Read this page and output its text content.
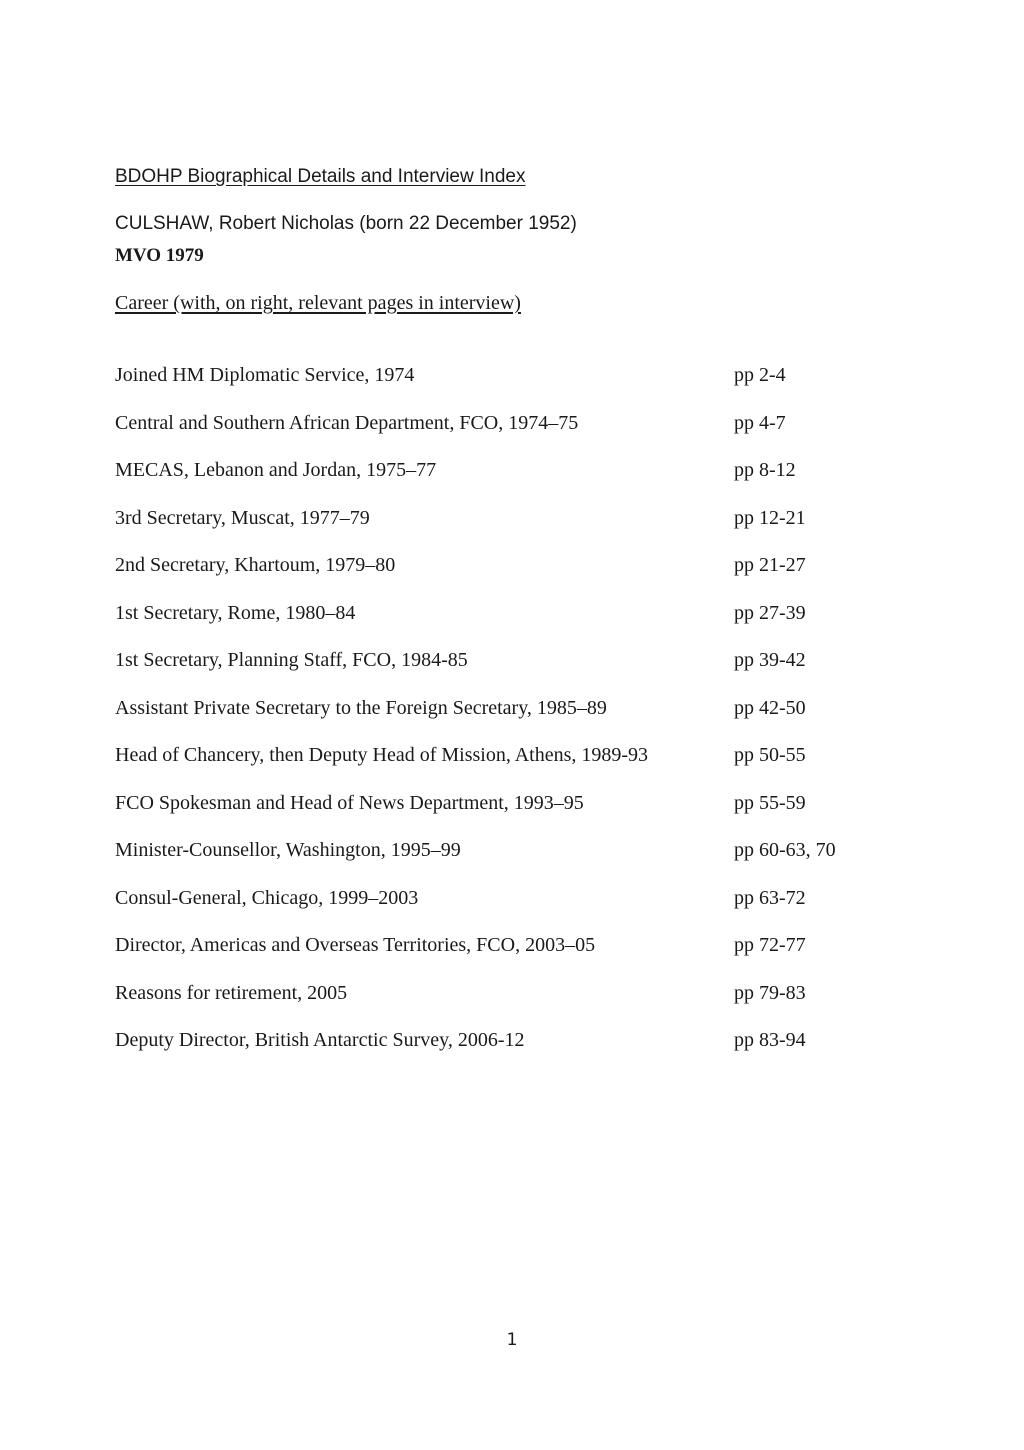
BDOHP Biographical Details and Interview Index
CULSHAW, Robert Nicholas (born 22 December 1952)
MVO 1979
Career (with, on right, relevant pages in interview)
Joined HM Diplomatic Service, 1974	pp 2-4
Central and Southern African Department, FCO, 1974–75	pp 4-7
MECAS, Lebanon and Jordan, 1975–77	pp 8-12
3rd Secretary, Muscat, 1977–79	pp 12-21
2nd Secretary, Khartoum, 1979–80	pp 21-27
1st Secretary, Rome, 1980–84	pp 27-39
1st Secretary, Planning Staff, FCO, 1984-85	pp 39-42
Assistant Private Secretary to the Foreign Secretary, 1985–89	pp 42-50
Head of Chancery, then Deputy Head of Mission, Athens, 1989-93	pp 50-55
FCO Spokesman and Head of News Department, 1993–95	pp 55-59
Minister-Counsellor, Washington, 1995–99	pp 60-63, 70
Consul-General, Chicago, 1999–2003	pp 63-72
Director, Americas and Overseas Territories, FCO, 2003–05	pp 72-77
Reasons for retirement, 2005	pp 79-83
Deputy Director, British Antarctic Survey, 2006-12	pp 83-94
1
